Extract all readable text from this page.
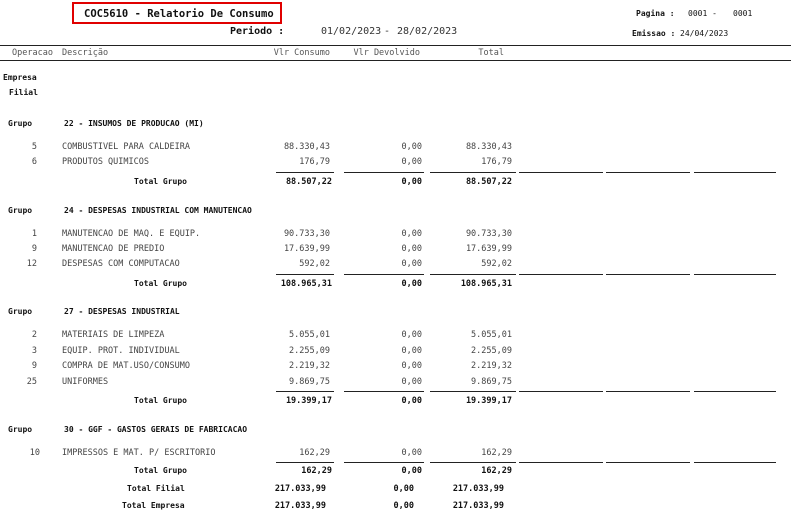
COC5610 - Relatorio De Consumo
Periodo :	01/02/2023 - 28/02/2023
Pagina : 0001 - 0001
Emissao : 24/04/2023
Operacao Descrição	Vlr Consumo	Vlr Devolvido	Total
Empresa
Filial
Grupo	22 - INSUMOS DE PRODUCAO (MI)
5	COMBUSTIVEL PARA CALDEIRA	88.330,43	0,00	88.330,43
6	PRODUTOS QUIMICOS	176,79	0,00	176,79
Total Grupo	88.507,22	0,00	88.507,22
Grupo	24 - DESPESAS INDUSTRIAL COM MANUTENCAO
1	MANUTENCAO DE MAQ. E EQUIP.	90.733,30	0,00	90.733,30
9	MANUTENCAO DE PREDIO	17.639,99	0,00	17.639,99
12	DESPESAS COM COMPUTACAO	592,02	0,00	592,02
Total Grupo	108.965,31	0,00	108.965,31
Grupo	27 - DESPESAS INDUSTRIAL
2	MATERIAIS DE LIMPEZA	5.055,01	0,00	5.055,01
3	EQUIP. PROT. INDIVIDUAL	2.255,09	0,00	2.255,09
9	COMPRA DE MAT.USO/CONSUMO	2.219,32	0,00	2.219,32
25	UNIFORMES	9.869,75	0,00	9.869,75
Total Grupo	19.399,17	0,00	19.399,17
Grupo	30 - GGF - GASTOS GERAIS DE FABRICACAO
10	IMPRESSOS E MAT. P/ ESCRITORIO	162,29	0,00	162,29
Total Grupo	162,29	0,00	162,29
Total Filial	217.033,99	0,00	217.033,99
Total Empresa	217.033,99	0,00	217.033,99
